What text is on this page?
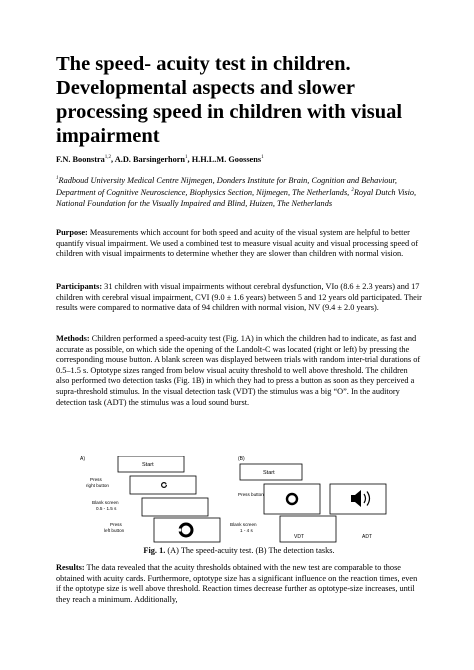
The speed- acuity test in children. Developmental aspects and slower processing speed in children with visual impairment
F.N. Boonstra$^{1,2}$, A.D. Barsingerhorn$^1$, H.H.L.M. Goossens$^1$
$^1$Radboud University Medical Centre Nijmegen, Donders Institute for Brain, Cognition and Behaviour, Department of Cognitive Neuroscience, Biophysics Section, Nijmegen, The Netherlands, $^2$Royal Dutch Visio, National Foundation for the Visually Impaired and Blind, Huizen, The Netherlands

Purpose: Measurements which account for both speed and acuity of the visual system are helpful to better quantify visual impairment. We used a combined test to measure visual acuity and visual processing speed of children with visual impairments to determine whether they are slower than children with normal vision.

Participants: 31 children with visual impairments without cerebral dysfunction, VIo (8.6 ± 2.3 years) and 17 children with cerebral visual impairment, CVI (9.0 ± 1.6 years) between 5 and 12 years old participated. Their results were compared to normative data of 94 children with normal vision, NV (9.4 ± 2.0 years).

Methods: Children performed a speed-acuity test (Fig. 1A) in which the children had to indicate, as fast and accurate as possible, on which side the opening of the Landolt-C was located (right or left) by pressing the corresponding mouse button. A blank screen was displayed between trials with random inter-trial durations of 0.5–1.5 s. Optotype sizes ranged from below visual acuity threshold to well above threshold. The children also performed two detection tasks (Fig. 1B) in which they had to press a button as soon as they perceived a supra-threshold stimulus. In the visual detection task (VDT) the stimulus was a big “O”. In the auditory detection task (ADT) the stimulus was a loud sound burst.

A)
Start
Press
right button
Blank screen
0.5 - 1.5 s
Press
left button
(B)
Start
Press button
Blank screen
1 - 4 s
VDT	ADT
Fig. 1. (A) The speed-acuity test. (B) The detection tasks.

Results: The data revealed that the acuity thresholds obtained with the new test are comparable to those obtained with acuity cards. Furthermore, optotype size has a significant influence on the reaction times, even if the optotype size is well above threshold. Reaction times decrease further as optotype-size increases, until they reach a minimum. Additionally,
